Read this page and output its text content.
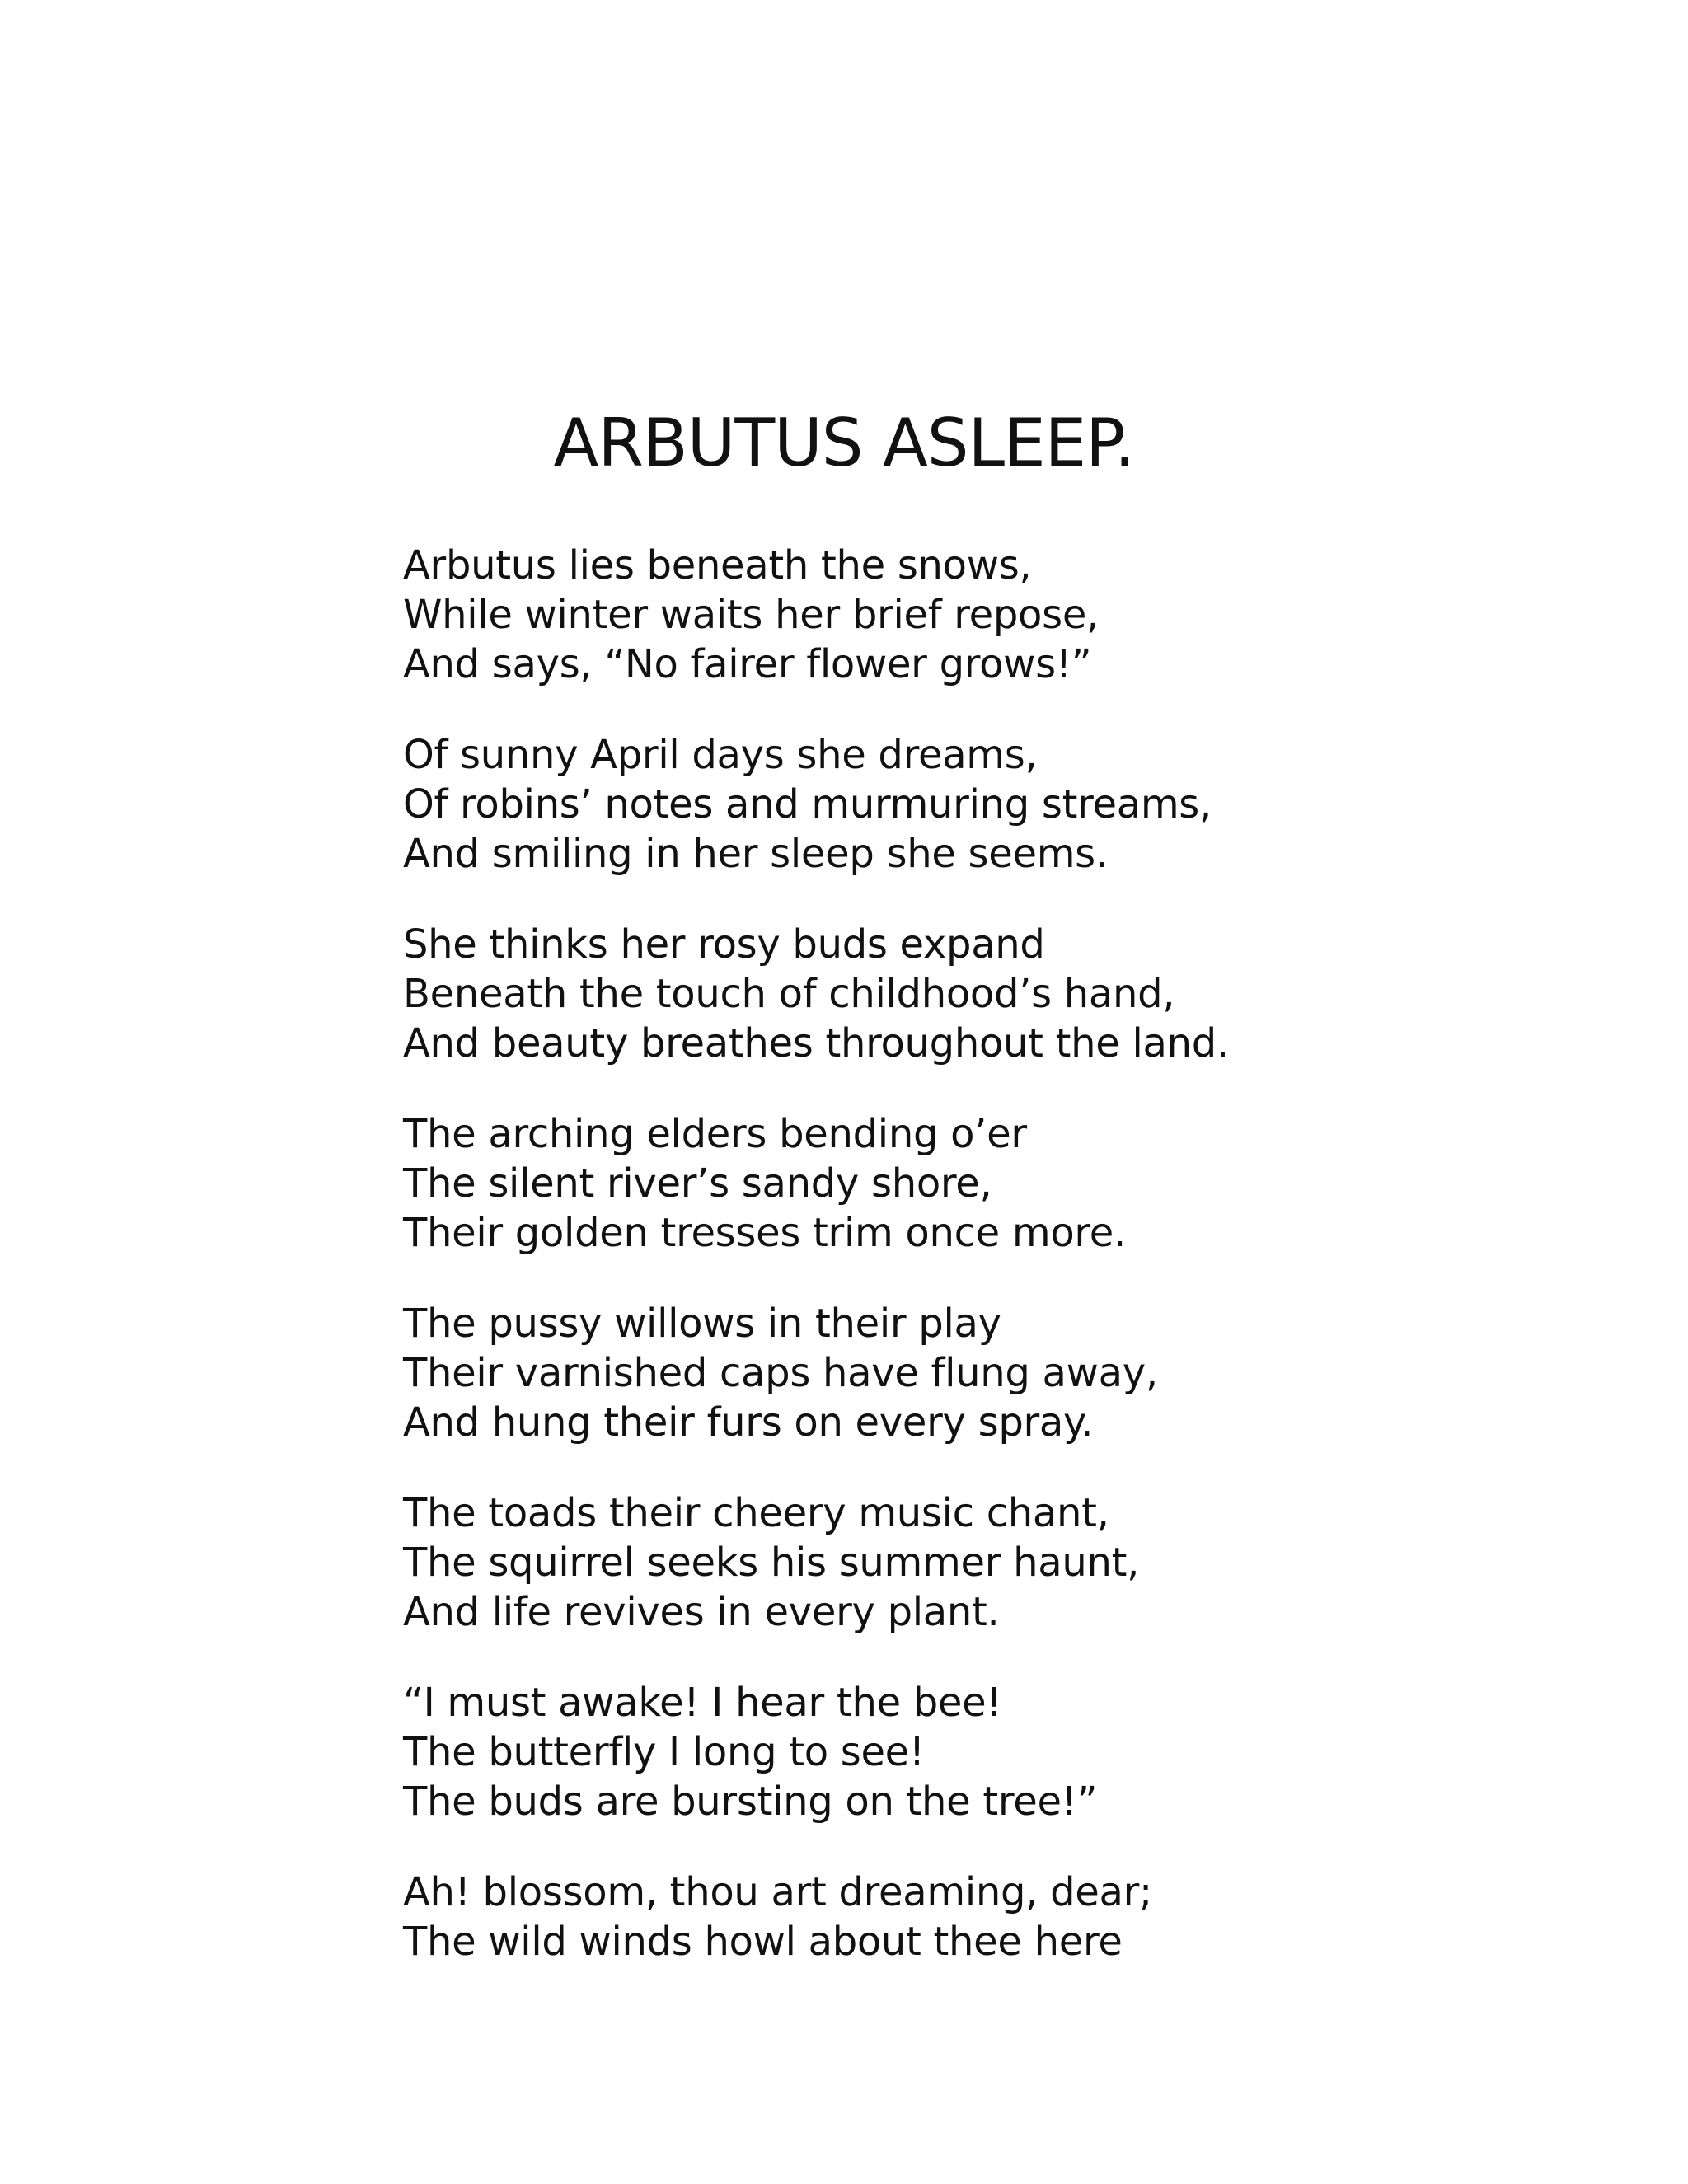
ARBUTUS ASLEEP.
Arbutus lies beneath the snows,
While winter waits her brief repose,
And says, “No fairer flower grows!”
Of sunny April days she dreams,
Of robins’ notes and murmuring streams,
And smiling in her sleep she seems.
She thinks her rosy buds expand
Beneath the touch of childhood’s hand,
And beauty breathes throughout the land.
The arching elders bending o’er
The silent river’s sandy shore,
Their golden tresses trim once more.
The pussy willows in their play
Their varnished caps have flung away,
And hung their furs on every spray.
The toads their cheery music chant,
The squirrel seeks his summer haunt,
And life revives in every plant.
“I must awake! I hear the bee!
The butterfly I long to see!
The buds are bursting on the tree!”
Ah! blossom, thou art dreaming, dear;
The wild winds howl about thee here
